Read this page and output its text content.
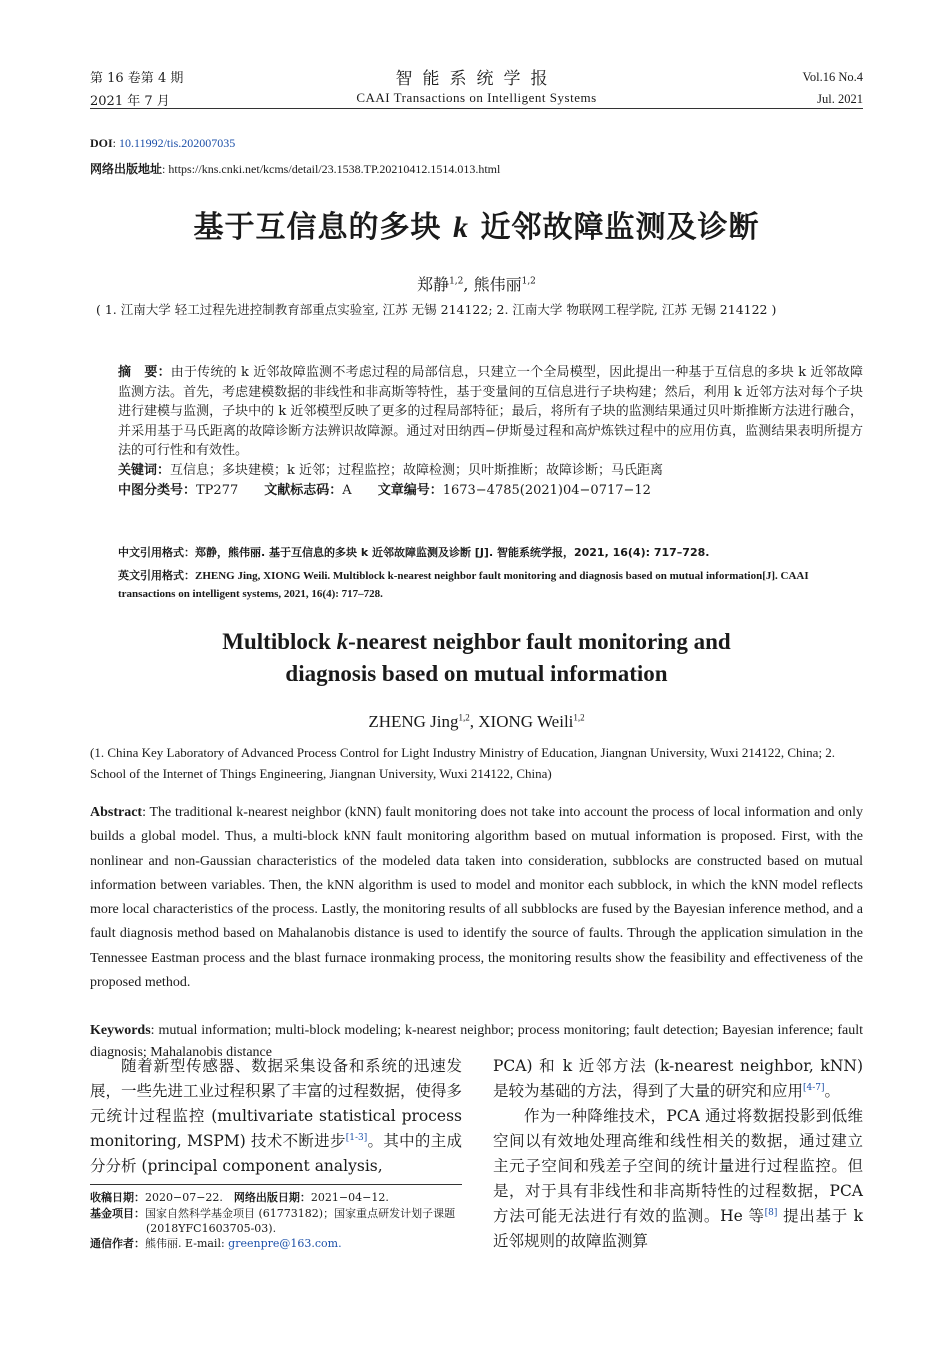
第 16 卷第 4 期
2021 年 7 月
智能系统学报
CAAI Transactions on Intelligent Systems
Vol.16 No.4
Jul. 2021
DOI: 10.11992/tis.202007035
网络出版地址: https://kns.cnki.net/kcms/detail/23.1538.TP.20210412.1514.013.html
基于互信息的多块 k 近邻故障监测及诊断
郑静$^{1,2}$, 熊伟丽$^{1,2}$
( 1. 江南大学 轻工过程先进控制教育部重点实验室, 江苏 无锡 214122; 2. 江南大学 物联网工程学院, 江苏 无锡 214122 )
摘　要：由于传统的 k 近邻故障监测不考虑过程的局部信息，只建立一个全局模型，因此提出一种基于互信息的多块 k 近邻故障监测方法。首先，考虑建模数据的非线性和非高斯等特性，基于变量间的互信息进行子块构建；然后，利用 k 近邻方法对每个子块进行建模与监测，子块中的 k 近邻模型反映了更多的过程局部特征；最后，将所有子块的监测结果通过贝叶斯推断方法进行融合，并采用基于马氏距离的故障诊断方法辨识故障源。通过对田纳西−伊斯曼过程和高炉炼铁过程中的应用仿真，监测结果表明所提方法的可行性和有效性。
关键词：互信息；多块建模；k 近邻；过程监控；故障检测；贝叶斯推断；故障诊断；马氏距离
中图分类号：TP277　　 文献标志码：A　　 文章编号：1673−4785(2021)04−0717−12
中文引用格式：郑静，熊伟丽. 基于互信息的多块 k 近邻故障监测及诊断 [J]. 智能系统学报，2021, 16(4): 717–728.
英文引用格式：ZHENG Jing, XIONG Weili. Multiblock k-nearest neighbor fault monitoring and diagnosis based on mutual information[J]. CAAI transactions on intelligent systems, 2021, 16(4): 717–728.
Multiblock k-nearest neighbor fault monitoring and
diagnosis based on mutual information
ZHENG Jing$^{1,2}$, XIONG Weili$^{1,2}$
(1. China Key Laboratory of Advanced Process Control for Light Industry Ministry of Education, Jiangnan University, Wuxi 214122, China; 2. School of the Internet of Things Engineering, Jiangnan University, Wuxi 214122, China)
Abstract: The traditional k-nearest neighbor (kNN) fault monitoring does not take into account the process of local information and only builds a global model. Thus, a multi-block kNN fault monitoring algorithm based on mutual information is proposed. First, with the nonlinear and non-Gaussian characteristics of the modeled data taken into consideration, subblocks are constructed based on mutual information between variables. Then, the kNN algorithm is used to model and monitor each subblock, in which the kNN model reflects more local characteristics of the process. Lastly, the monitoring results of all subblocks are fused by the Bayesian inference method, and a fault diagnosis method based on Mahalanobis distance is used to identify the source of faults. Through the application simulation in the Tennessee Eastman process and the blast furnace ironmaking process, the monitoring results show the feasibility and effectiveness of the proposed method.
Keywords: mutual information; multi-block modeling; k-nearest neighbor; process monitoring; fault detection; Bayesian inference; fault diagnosis; Mahalanobis distance

随着新型传感器、数据采集设备和系统的迅速发展，一些先进工业过程积累了丰富的过程数据，使得多元统计过程监控 (multivariate statistical process monitoring, MSPM) 技术不断进步[1-3]。其中的主成分分析 (principal component analysis,

收稿日期：2020−07−22.　 网络出版日期：2021−04−12.
基金项目：国家自然科学基金项目 (61773182)；国家重点研发计划子课题 (2018YFC1603705-03).
通信作者：熊伟丽. E-mail: greenpre@163.com.

PCA) 和 k 近邻方法 (k-nearest neighbor, kNN) 是较为基础的方法，得到了大量的研究和应用[4-7]。

作为一种降维技术，PCA 通过将数据投影到低维空间以有效地处理高维和线性相关的数据，通过建立主元子空间和残差子空间的统计量进行过程监控。但是，对于具有非线性和非高斯特性的过程数据，PCA 方法可能无法进行有效的监测。He 等[8] 提出基于 k 近邻规则的故障监测算
